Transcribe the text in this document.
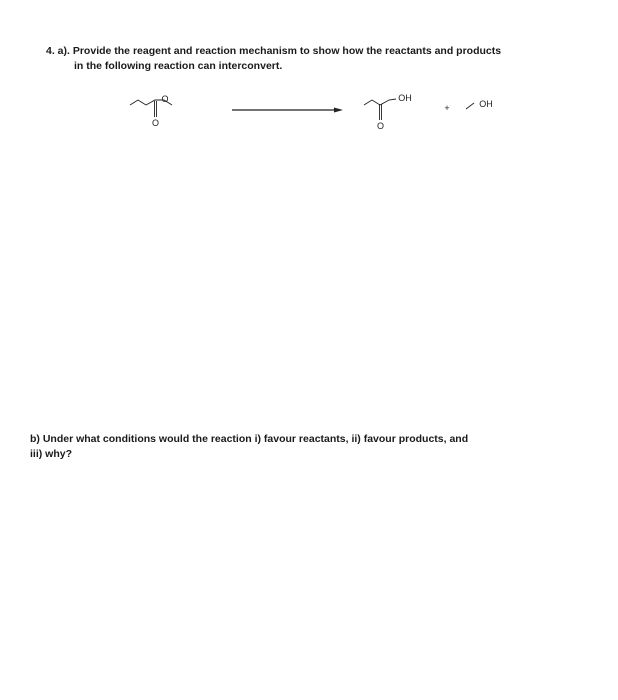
4. a). Provide the reagent and reaction mechanism to show how the reactants and products
in the following reaction can interconvert.
O
O
OH
O
+	OH
b) Under what conditions would the reaction i) favour reactants, ii) favour products, and
iii) why?
